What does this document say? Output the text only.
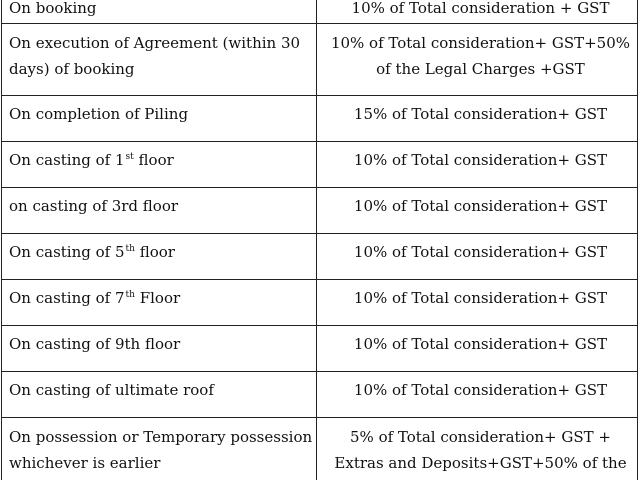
On booking	10% of Total consideration + GST
On execution of Agreement (within 30 days) of booking	10% of Total consideration+ GST+50% of the Legal Charges +GST
On completion of Piling	15% of Total consideration+ GST
On casting of 1st floor	10% of Total consideration+ GST
on casting of 3rd floor	10% of Total consideration+ GST
On casting of 5th floor	10% of Total consideration+ GST
On casting of 7th Floor	10% of Total consideration+ GST
On casting of 9th floor	10% of Total consideration+ GST
On casting of ultimate roof	10% of Total consideration+ GST
On possession or Temporary possession whichever is earlier	5% of Total consideration+ GST + Extras and Deposits+GST+50% of the
